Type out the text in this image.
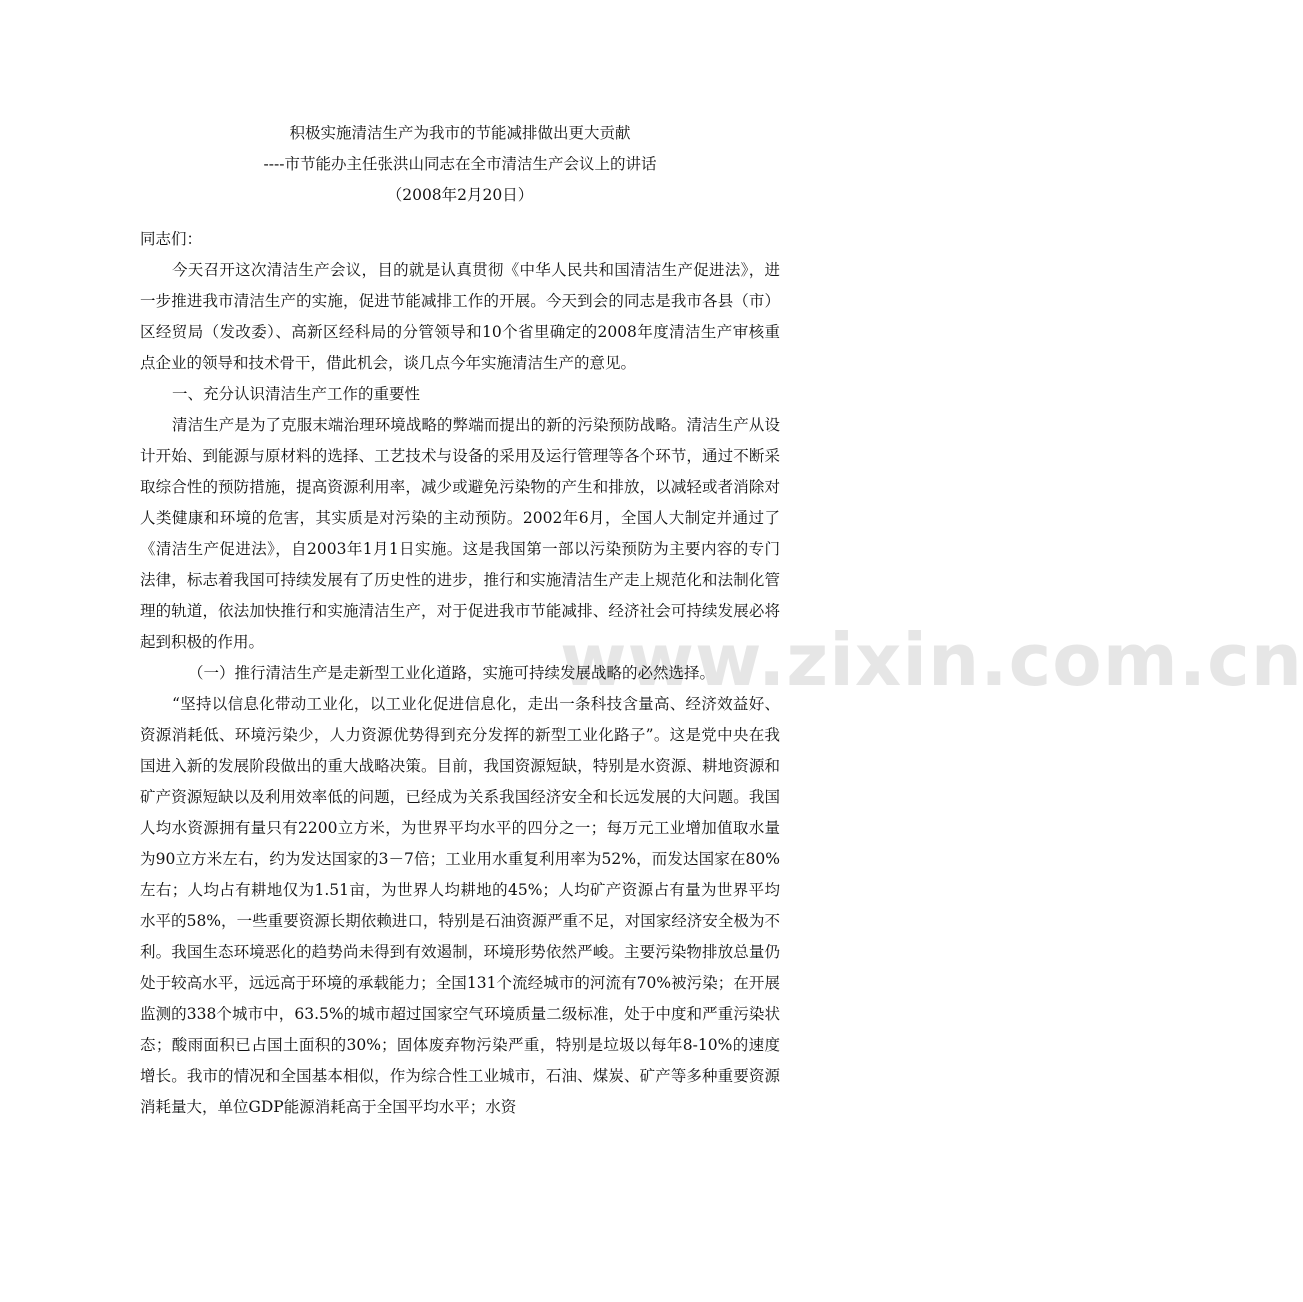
www.zixin.com.cn

积极实施清洁生产为我市的节能减排做出更大贡献

----市节能办主任张洪山同志在全市清洁生产会议上的讲话

（2008年2月20日）

同志们：

今天召开这次清洁生产会议，目的就是认真贯彻《中华人民共和国清洁生产促进法》，进一步推进我市清洁生产的实施，促进节能减排工作的开展。今天到会的同志是我市各县（市）区经贸局（发改委）、高新区经科局的分管领导和10个省里确定的2008年度清洁生产审核重点企业的领导和技术骨干，借此机会，谈几点今年实施清洁生产的意见。

一、充分认识清洁生产工作的重要性

清洁生产是为了克服末端治理环境战略的弊端而提出的新的污染预防战略。清洁生产从设计开始、到能源与原材料的选择、工艺技术与设备的采用及运行管理等各个环节，通过不断采取综合性的预防措施，提高资源利用率，减少或避免污染物的产生和排放，以减轻或者消除对人类健康和环境的危害，其实质是对污染的主动预防。2002年6月，全国人大制定并通过了《清洁生产促进法》，自2003年1月1日实施。这是我国第一部以污染预防为主要内容的专门法律，标志着我国可持续发展有了历史性的进步，推行和实施清洁生产走上规范化和法制化管理的轨道，依法加快推行和实施清洁生产，对于促进我市节能减排、经济社会可持续发展必将起到积极的作用。

（一）推行清洁生产是走新型工业化道路，实施可持续发展战略的必然选择。

“坚持以信息化带动工业化，以工业化促进信息化，走出一条科技含量高、经济效益好、资源消耗低、环境污染少，人力资源优势得到充分发挥的新型工业化路子”。这是党中央在我国进入新的发展阶段做出的重大战略决策。目前，我国资源短缺，特别是水资源、耕地资源和矿产资源短缺以及利用效率低的问题，已经成为关系我国经济安全和长远发展的大问题。我国人均水资源拥有量只有2200立方米，为世界平均水平的四分之一；每万元工业增加值取水量为90立方米左右，约为发达国家的3－7倍；工业用水重复利用率为52%，而发达国家在80%左右；人均占有耕地仅为1.51亩，为世界人均耕地的45%；人均矿产资源占有量为世界平均水平的58%，一些重要资源长期依赖进口，特别是石油资源严重不足，对国家经济安全极为不利。我国生态环境恶化的趋势尚未得到有效遏制，环境形势依然严峻。主要污染物排放总量仍处于较高水平，远远高于环境的承载能力；全国131个流经城市的河流有70%被污染；在开展监测的338个城市中，63.5%的城市超过国家空气环境质量二级标准，处于中度和严重污染状态；酸雨面积已占国土面积的30%；固体废弃物污染严重，特别是垃圾以每年8-10%的速度增长。我市的情况和全国基本相似，作为综合性工业城市，石油、煤炭、矿产等多种重要资源消耗量大，单位GDP能源消耗高于全国平均水平；水资
